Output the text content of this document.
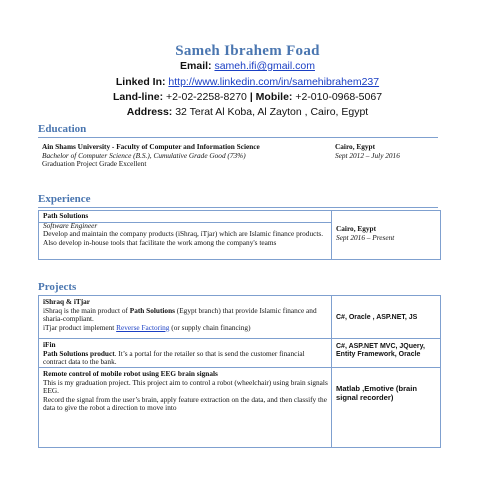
Sameh Ibrahem Foad
Email: sameh.ifi@gmail.com
Linked In: http://www.linkedin.com/in/samehibrahem237
Land-line: +2-02-2258-8270 | Mobile: +2-010-0968-5067
Address: 32 Terat Al Koba, Al Zayton , Cairo, Egypt
Education
Ain Shams University - Faculty of Computer and Information Science
Bachelor of Computer Science (B.S.), Cumulative Grade Good (73%)
Graduation Project Grade Excellent
Cairo, Egypt
Sept 2012 – July 2016
Experience
Path Solutions
Software Engineer
Develop and maintain the company products (iShraq, iTjar) which are Islamic finance products. Also develop in-house tools that facilitate the work among the company's teams
Cairo, Egypt
Sept 2016 – Present
Projects
iShraq & iTjar
iShraq is the main product of Path Solutions (Egypt branch) that provide Islamic finance and sharia-compliant.
iTjar product implement Reverse Factoring (or supply chain financing)
C#, Oracle , ASP.NET, JS
iFin
Path Solutions product. It’s a portal for the retailer so that is send the customer financial contract data to the bank.
C#, ASP.NET MVC, JQuery, Entity Framework, Oracle
Remote control of mobile robot using EEG brain signals
This is my graduation project. This project aim to control a robot (wheelchair) using brain signals EEG.
Record the signal from the user’s brain, apply feature extraction on the data, and then classify the data to give the robot a direction to move into
Matlab ,Emotive (brain signal recorder)
